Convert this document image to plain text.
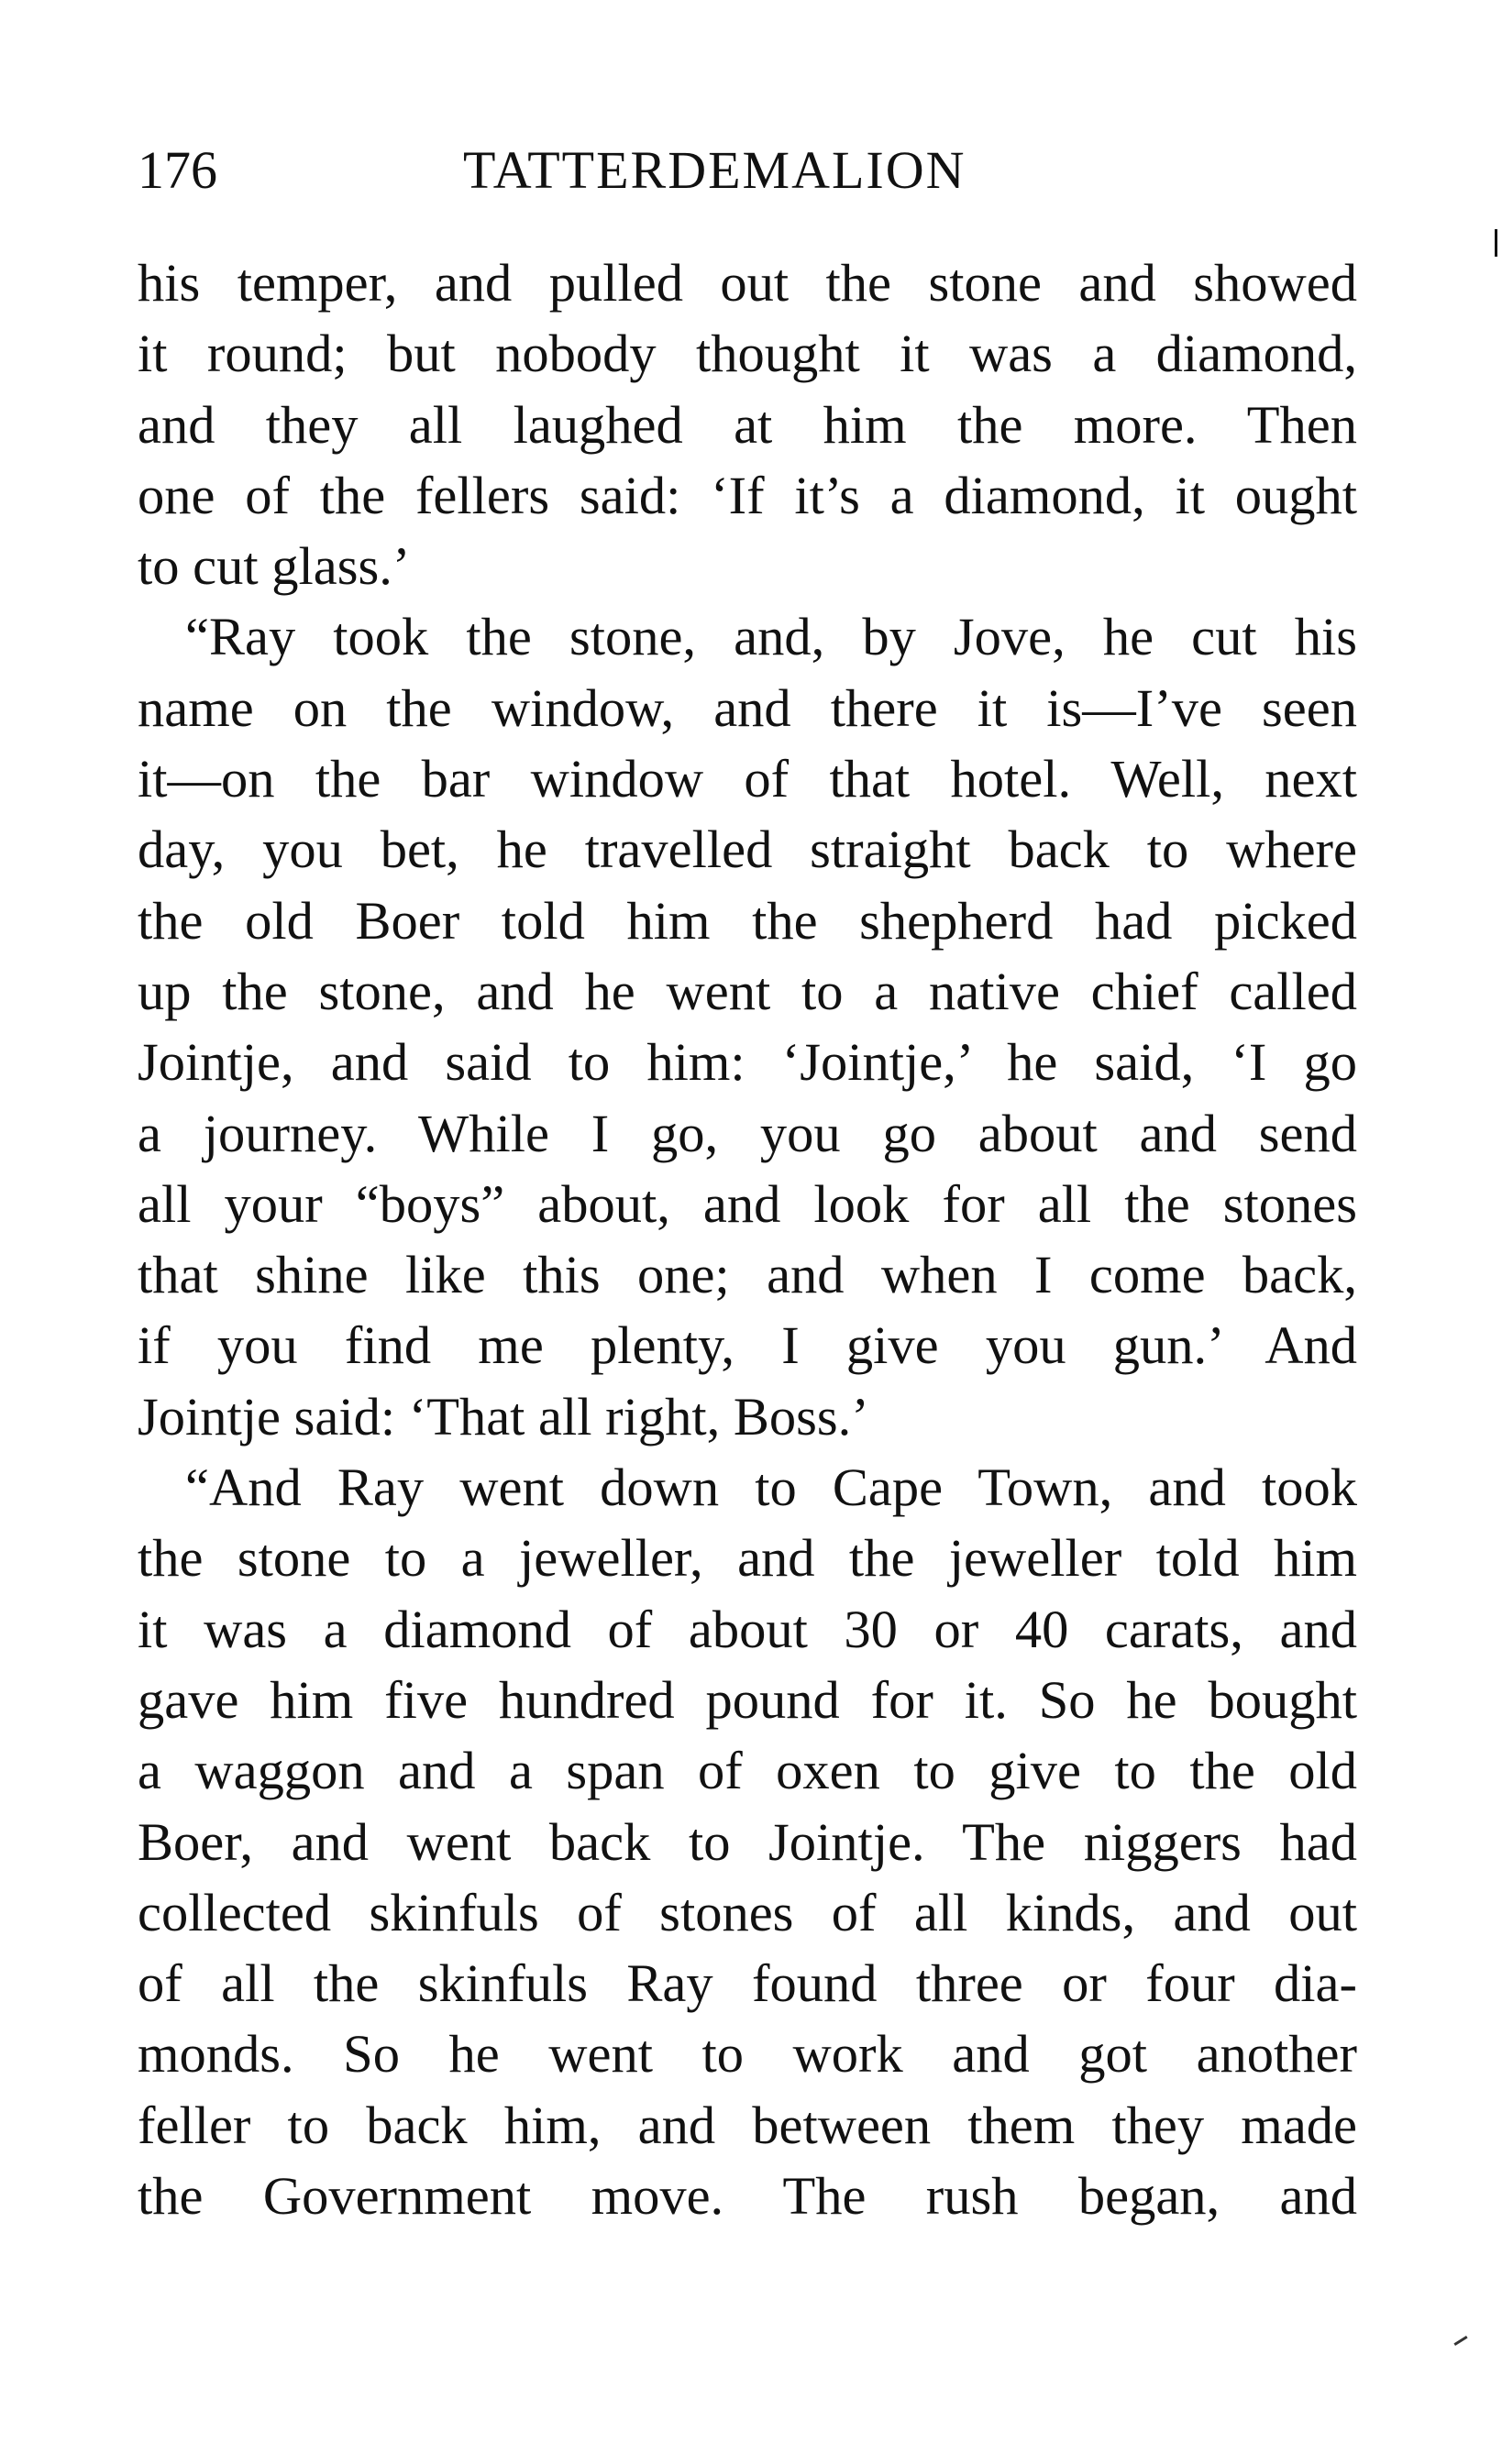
176	TATTERDEMALION
his temper, and pulled out the stone and showed
it round; but nobody thought it was a diamond,
and they all laughed at him the more. Then
one of the fellers said: ‘If it’s a diamond, it ought
to cut glass.’
“Ray took the stone, and, by Jove, he cut his
name on the window, and there it is—I’ve seen
it—on the bar window of that hotel. Well, next
day, you bet, he travelled straight back to where
the old Boer told him the shepherd had picked
up the stone, and he went to a native chief called
Jointje, and said to him: ‘Jointje,’ he said, ‘I go
a journey. While I go, you go about and send
all your “boys” about, and look for all the stones
that shine like this one; and when I come back,
if you find me plenty, I give you gun.’ And
Jointje said: ‘That all right, Boss.’
“And Ray went down to Cape Town, and took
the stone to a jeweller, and the jeweller told him
it was a diamond of about 30 or 40 carats, and
gave him five hundred pound for it. So he bought
a waggon and a span of oxen to give to the old
Boer, and went back to Jointje. The niggers had
collected skinfuls of stones of all kinds, and out
of all the skinfuls Ray found three or four dia-
monds. So he went to work and got another
feller to back him, and between them they made
the Government move. The rush began, and
